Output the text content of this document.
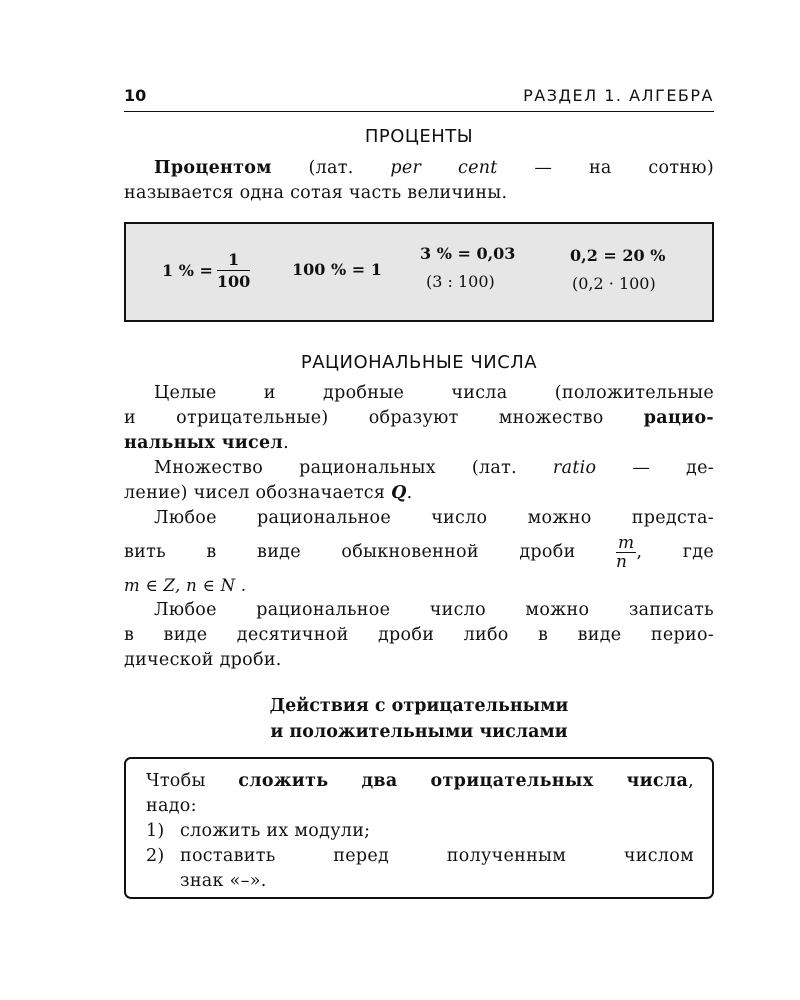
10	РАЗДЕЛ 1. АЛГЕБРА
ПРОЦЕНТЫ
Процентом (лат. per cent — на сотню)
называется одна сотая часть величины.
1 % = $\frac{1}{100}$	100 % = 1
3 % = 0,03
(3 : 100)
0,2 = 20 %
(0,2 · 100)
РАЦИОНАЛЬНЫЕ ЧИСЛА
Целые и дробные числа (положительные
и отрицательные) образуют множество рацио-
нальных чисел.
Множество рациональных (лат. ratio — де-
ление) чисел обозначается Q.
Любое рациональное число можно предста-
вить в виде обыкновенной дроби $\frac{m}{n}$ , где
m ∈ Z, n ∈ N .
Любое рациональное число можно записать
в виде десятичной дроби либо в виде перио-
дической дроби.
Действия с отрицательными
и положительными числами
Чтобы сложить два отрицательных числа,
надо:
1) сложить их модули;
2) поставить перед полученным числом
знак «–».
